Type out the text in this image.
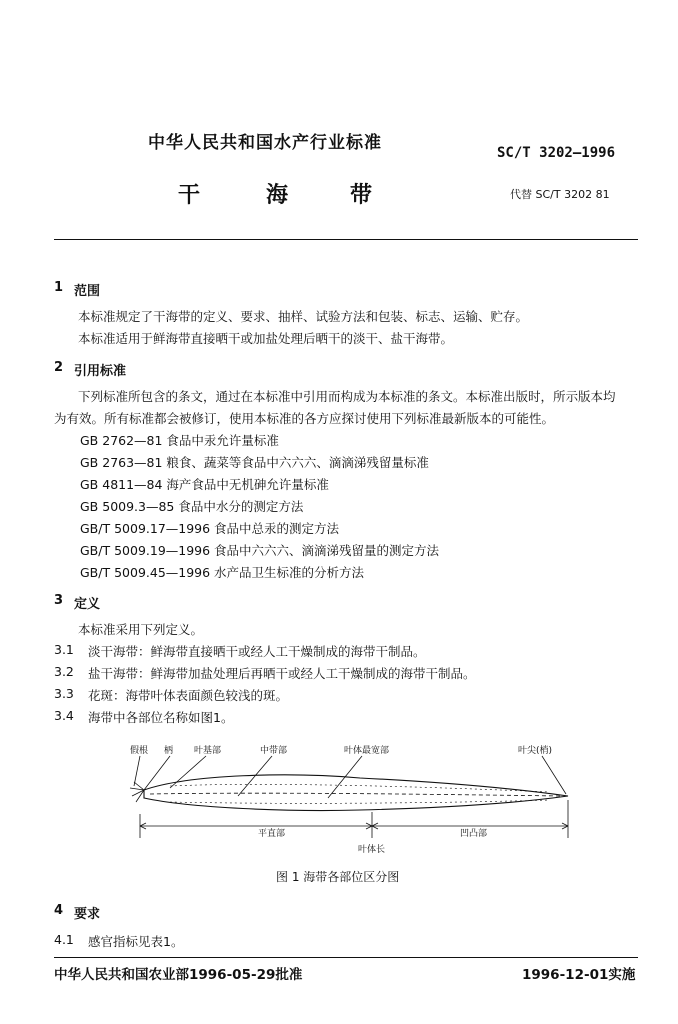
中华人民共和国水产行业标准	SC/T 3202—1996
干	海	带	代替 SC/T 3202 81
1 范围
本标准规定了干海带的定义、要求、抽样、试验方法和包装、标志、运输、贮存。
本标准适用于鲜海带直接晒干或加盐处理后晒干的淡干、盐干海带。
2 引用标准
下列标准所包含的条文，通过在本标准中引用而构成为本标准的条文。本标准出版时，所示版本均
为有效。所有标准都会被修订，使用本标准的各方应探讨使用下列标准最新版本的可能性。
GB 2762—81 食品中汞允许量标准
GB 2763—81 粮食、蔬菜等食品中六六六、滴滴涕残留量标准
GB 4811—84 海产食品中无机砷允许量标准
GB 5009.3—85 食品中水分的测定方法
GB/T 5009.17—1996 食品中总汞的测定方法
GB/T 5009.19—1996 食品中六六六、滴滴涕残留量的测定方法
GB/T 5009.45—1996 水产品卫生标准的分析方法
3 定义
本标准采用下列定义。
3.1 淡干海带：鲜海带直接晒干或经人工干燥制成的海带干制品。
3.2 盐干海带：鲜海带加盐处理后再晒干或经人工干燥制成的海带干制品。
3.3 花斑：海带叶体表面颜色较浅的斑。
3.4 海带中各部位名称如图1。
假根 柄 叶基部	中带部	叶体最宽部	叶尖(梢)
平直部	凹凸部
叶体长
图 1 海带各部位区分图
4 要求
4.1 感官指标见表1。
中华人民共和国农业部1996-05-29批准	1996-12-01实施
